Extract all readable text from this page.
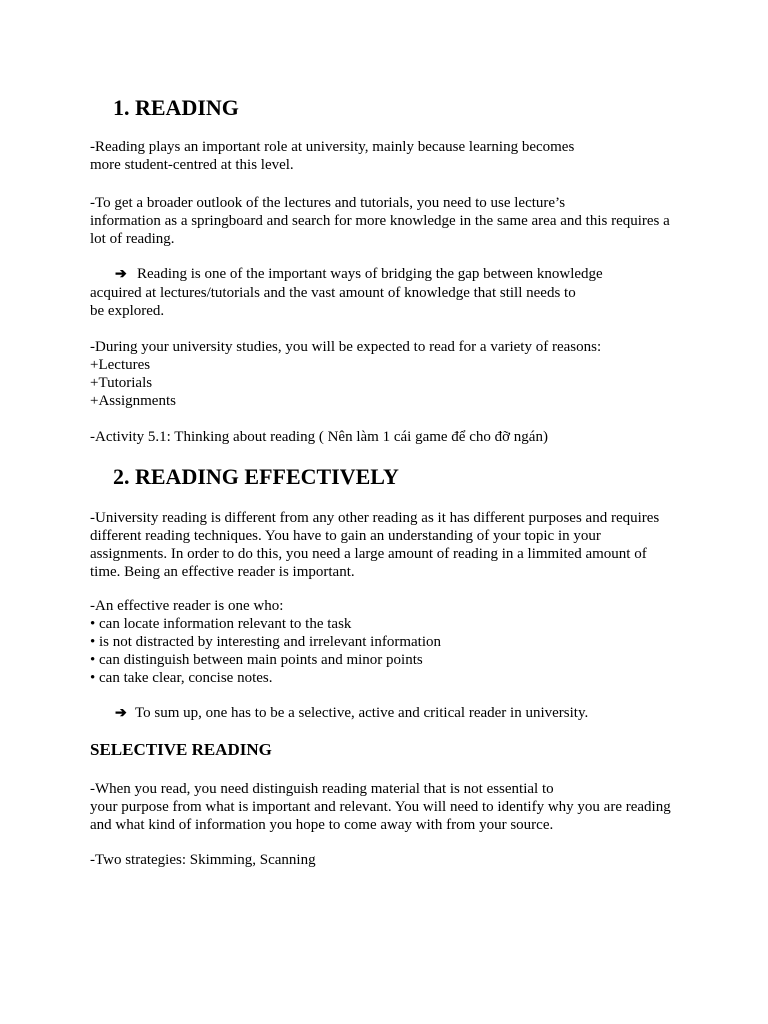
1. READING

-Reading plays an important role at university, mainly because learning becomes
more student-centred at this level.

-To get a broader outlook of the lectures and tutorials, you need to use lecture’s
information as a springboard and search for more knowledge in the same area and this requires a
lot of reading.

➔ Reading is one of the important ways of bridging the gap between knowledge

acquired at lectures/tutorials and the vast amount of knowledge that still needs to
be explored.

-During your university studies, you will be expected to read for a variety of reasons:
+Lectures
+Tutorials
+Assignments

-Activity 5.1: Thinking about reading ( Nên làm 1 cái game để cho đỡ ngán)

2. READING EFFECTIVELY

-University reading is different from any other reading as it has different purposes and requires
different reading techniques. You have to gain an understanding of your topic in your
assignments. In order to do this, you need a large amount of reading in a limmited amount of
time. Being an effective reader is important.

-An effective reader is one who:
• can locate information relevant to the task
• is not distracted by interesting and irrelevant information
• can distinguish between main points and minor points
• can take clear, concise notes.

➔ To sum up, one has to be a selective, active and critical reader in university.
SELECTIVE READING

-When you read, you need distinguish reading material that is not essential to
your purpose from what is important and relevant. You will need to identify why you are reading
and what kind of information you hope to come away with from your source.

-Two strategies: Skimming, Scanning
